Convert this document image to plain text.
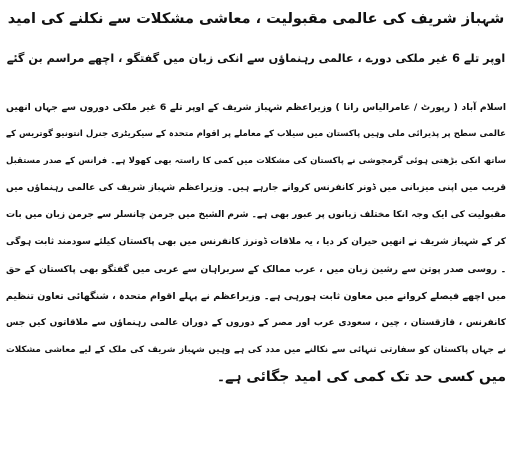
شہباز شریف کی عالمی مقبولیت ، معاشی مشکلات سے نکلنے کی امید
اوپر تلے 6 غیر ملکی دورے ، عالمی رہنماؤں سے انکی زبان میں گفتگو ، اچھے مراسم بن گئے
اسلام آباد ( رپورٹ / عامرالیاس رانا ) وزیراعظم شہباز شریف کے اوپر تلے 6 غیر ملکی دوروں سے جہاں انھیں
عالمی سطح پر پذیرائی ملی وہیں پاکستان میں سیلاب کے معاملے پر اقوام متحدہ کے سیکریٹری جنرل انتونیو گوتریس کے
ساتھ انکی بڑھتی ہوئی گرمجوشی نے پاکستان کی مشکلات میں کمی کا راستہ بھی کھولا ہے۔ فرانس کے صدر مستقبل
قریب میں اپنی میزبانی میں ڈونر کانفرنس کروانے جارہے ہیں۔ وزیراعظم شہباز شریف کی عالمی رہنماؤں میں
مقبولیت کی ایک وجہ انکا مختلف زبانوں پر عبور بھی ہے۔ شرم الشیخ میں جرمن چانسلر سے جرمن زبان میں بات
کر کے شہباز شریف نے انھیں حیران کر دیا ، یہ ملاقات ڈونرز کانفرنس میں بھی پاکستان کیلئے سودمند ثابت ہوگی
۔ روسی صدر پوتن سے رشین زبان میں ، عرب ممالک کے سربراہان سے عربی میں گفتگو بھی پاکستان کے حق
میں اچھے فیصلے کروانے میں معاون ثابت ہورہی ہے۔ وزیراعظم نے پہلے اقوام متحدہ ، شنگھائی تعاون تنظیم
کانفرنس ، قازقستان ، چین ، سعودی عرب اور مصر کے دوروں کے دوران عالمی رہنماؤں سے ملاقاتوں کیں جس
نے جہاں پاکستان کو سفارتی تنہائی سے نکالنے میں مدد کی ہے وہیں شہباز شریف کی ملک کے لیے معاشی مشکلات
میں کسی حد تک کمی کی امید جگائی ہے۔
